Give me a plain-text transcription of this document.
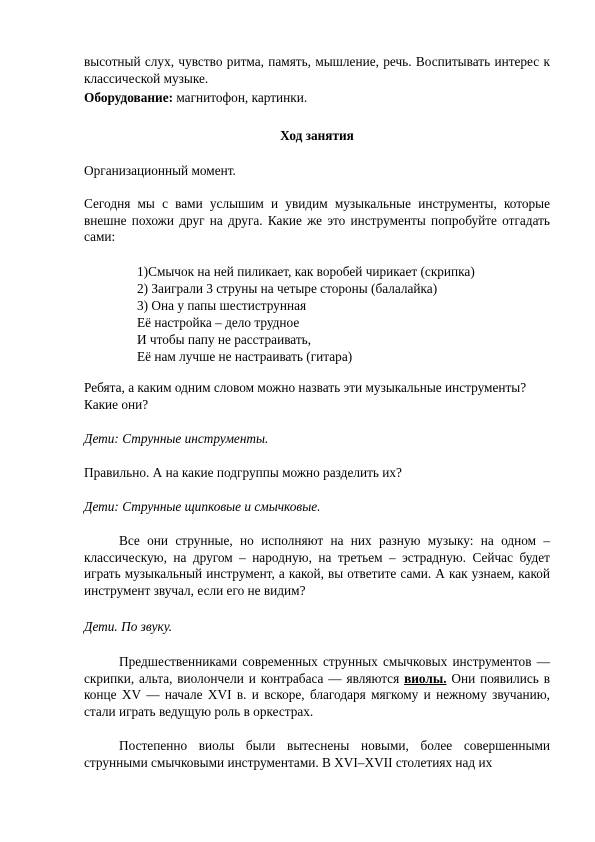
высотный слух, чувство ритма, память, мышление, речь. Воспитывать интерес к классической музыке.

Оборудование: магнитофон, картинки.

Ход занятия

Организационный момент.

Сегодня мы с вами услышим и увидим музыкальные инструменты, которые внешне похожи друг на друга. Какие же это инструменты попробуйте отгадать сами:

1)Смычок на ней пиликает, как воробей чирикает (скрипка)
2) Заиграли 3 струны на четыре стороны (балалайка)
3) Она у папы шестиструнная
Её настройка – дело трудное
И чтобы папу не расстраивать,
Её нам лучше не настраивать (гитара)

Ребята, а каким одним словом можно назвать эти музыкальные инструменты? Какие они?

Дети: Струнные инструменты.

Правильно. А на какие подгруппы можно разделить их?

Дети: Струнные щипковые и смычковые.

Все они струнные, но исполняют на них разную музыку: на одном – классическую, на другом – народную, на третьем – эстрадную. Сейчас будет играть музыкальный инструмент, а какой, вы ответите сами. А как узнаем, какой инструмент звучал, если его не видим?

Дети. По звуку.

Предшественниками современных струнных смычковых инструментов — скрипки, альта, виолончели и контрабаса — являются виолы. Они появились в конце XV — начале XVI в. и вскоре, благодаря мягкому и нежному звучанию, стали играть ведущую роль в оркестрах.

Постепенно виолы были вытеснены новыми, более совершенными струнными смычковыми инструментами. В XVI–XVII столетиях над их
